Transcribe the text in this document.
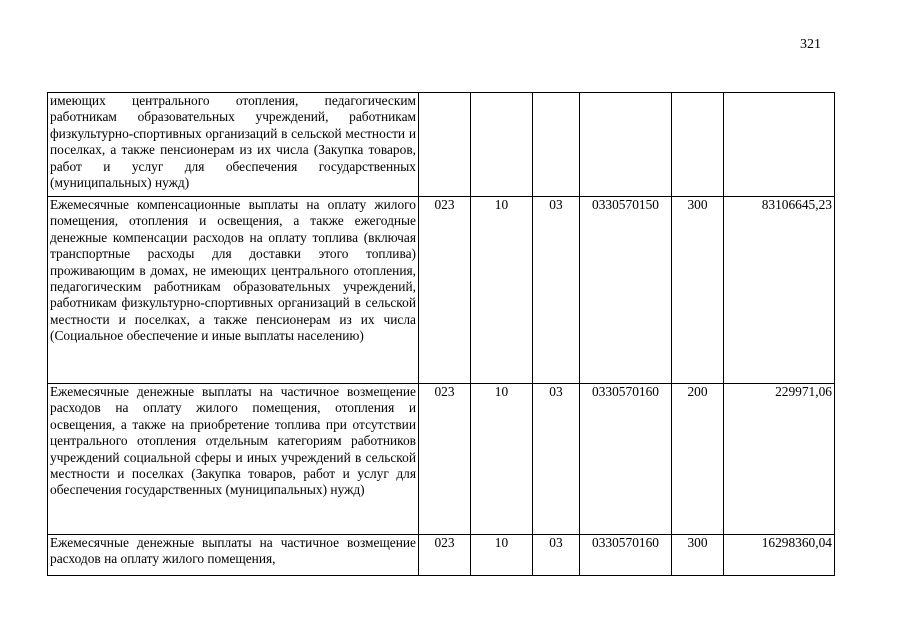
321
имеющих центрального отопления, педагогическим работникам образовательных учреждений, работникам физкультурно-спортивных организаций в сельской местности и поселках, а также пенсионерам из их числа (Закупка товаров, работ и услуг для обеспечения государственных (муниципальных) нужд)						
Ежемесячные компенсационные выплаты на оплату жилого помещения, отопления и освещения, а также ежегодные денежные компенсации расходов на оплату топлива (включая транспортные расходы для доставки этого топлива) проживающим в домах, не имеющих центрального отопления, педагогическим работникам образовательных учреждений, работникам физкультурно-спортивных организаций в сельской местности и поселках, а также пенсионерам из их числа (Социальное обеспечение и иные выплаты населению)	023	10	03	0330570150	300	83106645,23
Ежемесячные денежные выплаты на частичное возмещение расходов на оплату жилого помещения, отопления и освещения, а также на приобретение топлива при отсутствии центрального отопления отдельным категориям работников учреждений социальной сферы и иных учреждений в сельской местности и поселках (Закупка товаров, работ и услуг для обеспечения государственных (муниципальных) нужд)	023	10	03	0330570160	200	229971,06
Ежемесячные денежные выплаты на частичное возмещение расходов на оплату жилого помещения,	023	10	03	0330570160	300	16298360,04
